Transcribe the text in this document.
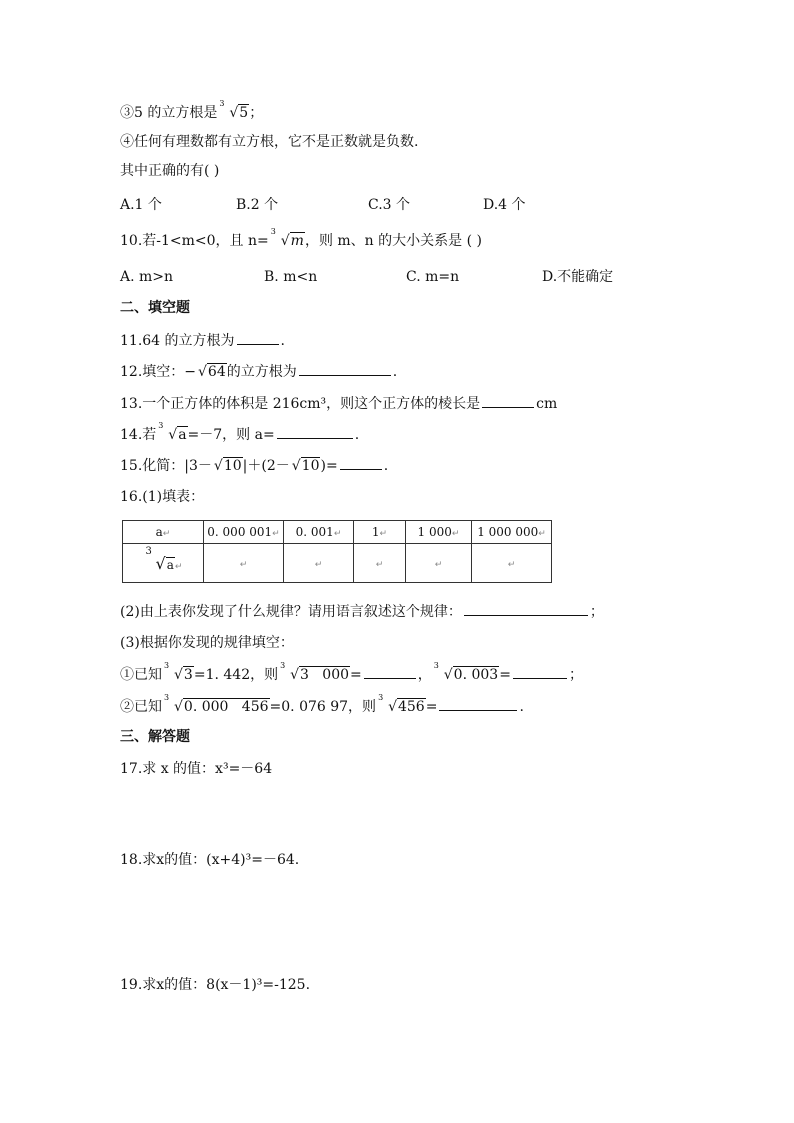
③5 的立方根是
3
√5；
④任何有理数都有立方根，它不是正数就是负数.
其中正确的有( )
A.1 个	B.2 个	C.3 个	D.4 个
10.若-1<m<0，且 n=
3
√m，则 m、n 的大小关系是 ( )
A. m>n	B. m<n	C. m=n	D.不能确定
二、填空题
11.64 的立方根为	.
12.填空：− √64的立方根为	.
13.一个正方体的体积是 216cm³，则这个正方体的棱长是	cm
14.若
3
√a=－7，则 a=	.
15.化简：|3－ √10|＋(2－ √10)=	.
16.(1)填表：
a↵	0. 000 001↵	0. 001↵	1↵	1 000↵	1 000 000↵

3
√a↵	↵	↵	↵	↵	↵
(2)由上表你发现了什么规律？请用语言叙述这个规律：	；
(3)根据你发现的规律填空：
①已知
3
√3=1. 442，则
3
√3   000=	，
3
√0. 003=	；
②已知
3
√0. 000   456=0. 076 97，则
3
√456=	.
三、解答题
17.求 x 的值：x³=－64
18.求x的值：(x+4)³=－64.
19.求x的值：8(x－1)³=-125.
